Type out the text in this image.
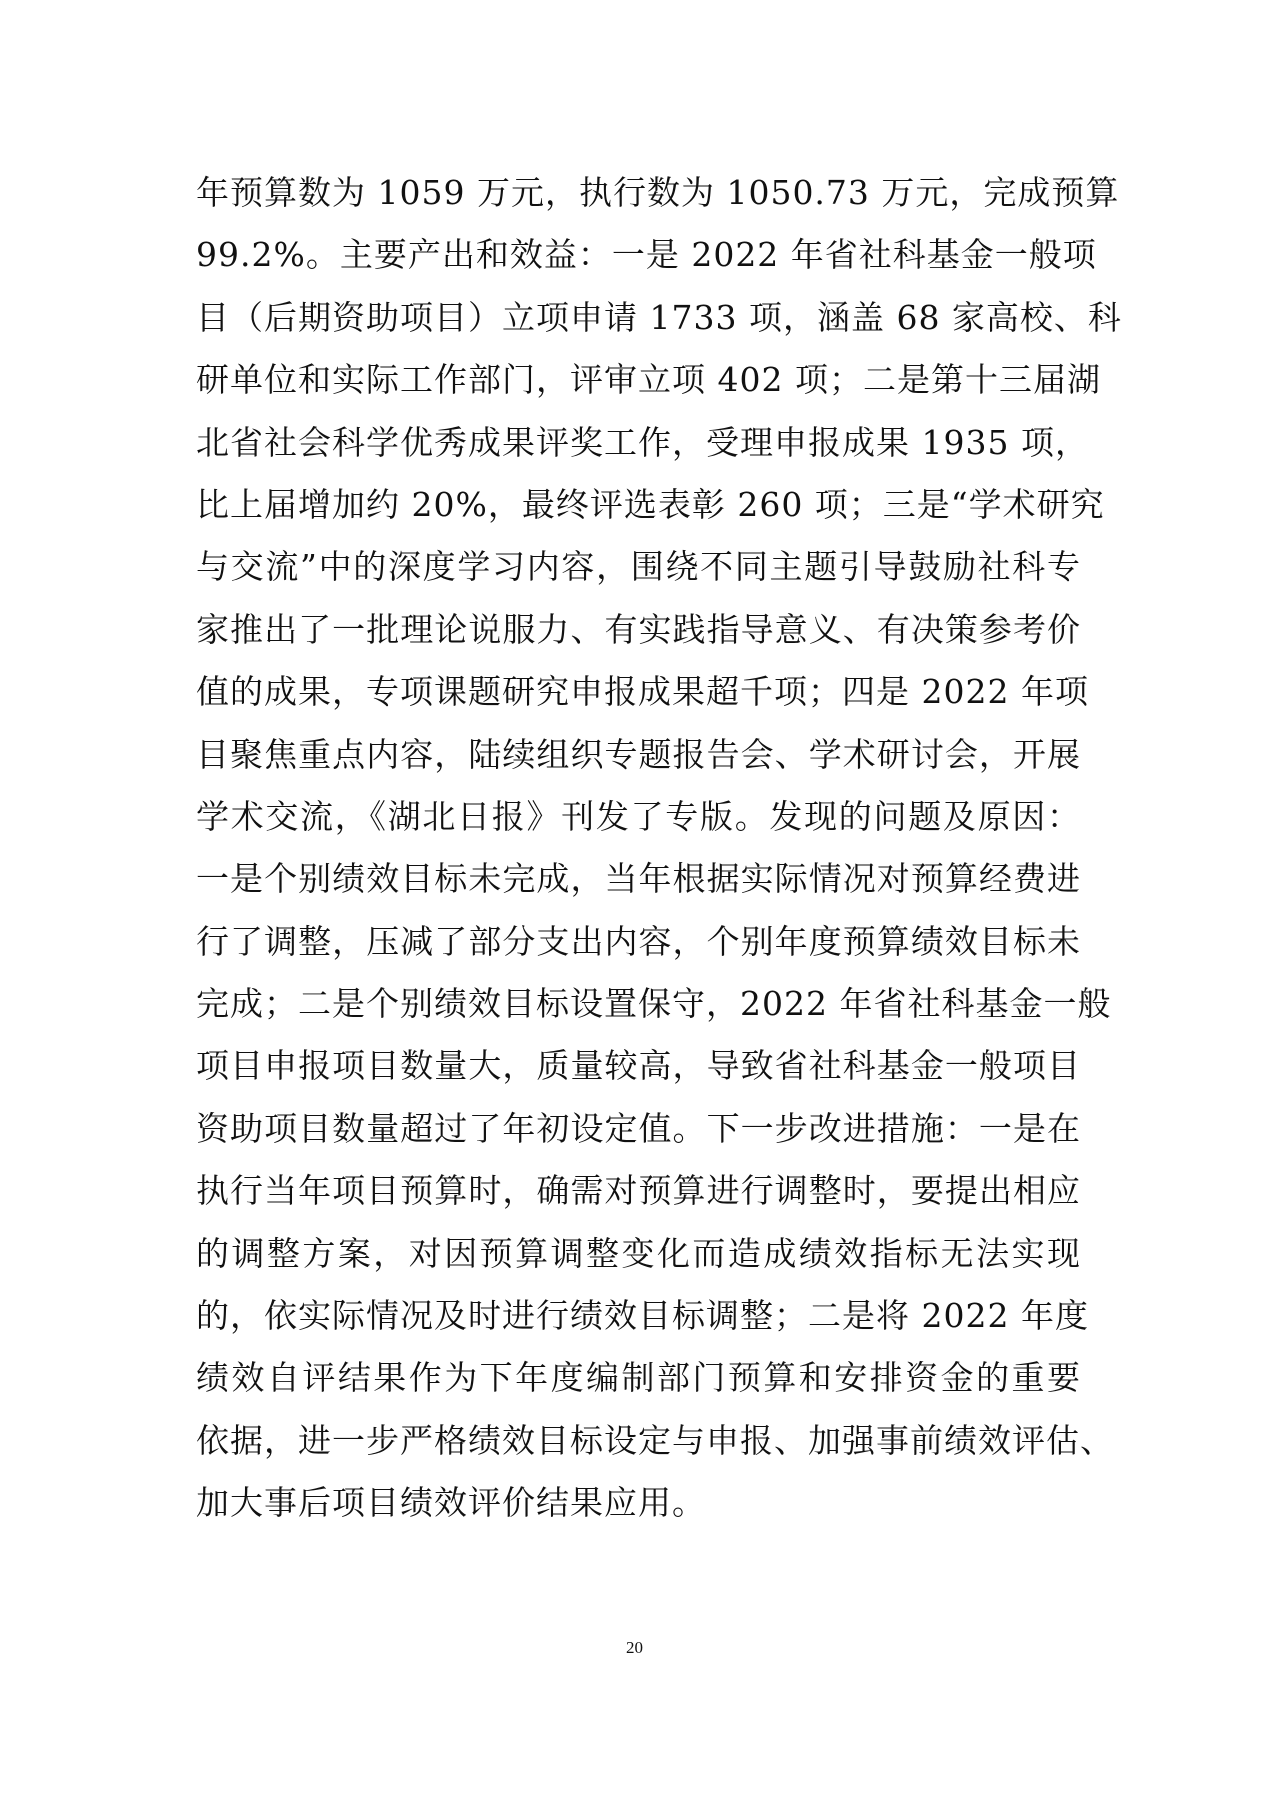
年预算数为 1059 万元，执行数为 1050.73 万元，完成预算
99.2%。主要产出和效益：一是 2022 年省社科基金一般项
目（后期资助项目）立项申请 1733 项，涵盖 68 家高校、科
研单位和实际工作部门，评审立项 402 项；二是第十三届湖
北省社会科学优秀成果评奖工作，受理申报成果 1935 项，
比上届增加约 20%，最终评选表彰 260 项；三是“学术研究
与交流”中的深度学习内容，围绕不同主题引导鼓励社科专
家推出了一批理论说服力、有实践指导意义、有决策参考价
值的成果，专项课题研究申报成果超千项；四是 2022 年项
目聚焦重点内容，陆续组织专题报告会、学术研讨会，开展
学术交流，《湖北日报》刊发了专版。发现的问题及原因：
一是个别绩效目标未完成，当年根据实际情况对预算经费进
行了调整，压减了部分支出内容，个别年度预算绩效目标未
完成；二是个别绩效目标设置保守，2022 年省社科基金一般
项目申报项目数量大，质量较高，导致省社科基金一般项目
资助项目数量超过了年初设定值。下一步改进措施：一是在
执行当年项目预算时，确需对预算进行调整时，要提出相应
的调整方案，对因预算调整变化而造成绩效指标无法实现
的，依实际情况及时进行绩效目标调整；二是将 2022 年度
绩效自评结果作为下年度编制部门预算和安排资金的重要
依据，进一步严格绩效目标设定与申报、加强事前绩效评估、
加大事后项目绩效评价结果应用。
20
